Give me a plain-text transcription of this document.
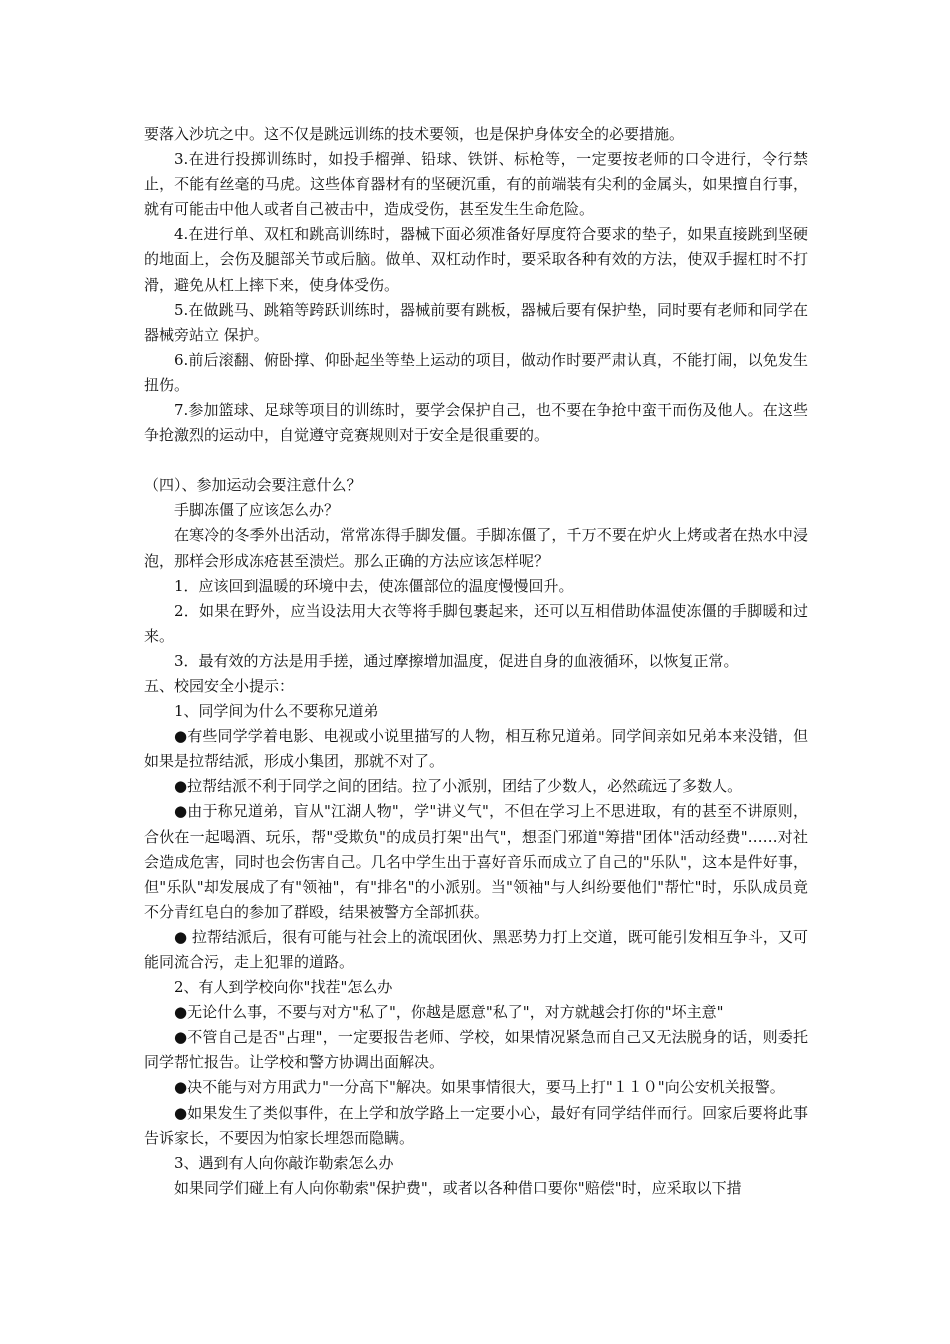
要落入沙坑之中。这不仅是跳远训练的技术要领，也是保护身体安全的必要措施。

3.在进行投掷训练时，如投手榴弹、铅球、铁饼、标枪等，一定要按老师的口令进行，令行禁止，不能有丝毫的马虎。这些体育器材有的坚硬沉重，有的前端装有尖利的金属头，如果擅自行事，就有可能击中他人或者自己被击中，造成受伤，甚至发生生命危险。

4.在进行单、双杠和跳高训练时，器械下面必须准备好厚度符合要求的垫子，如果直接跳到坚硬的地面上，会伤及腿部关节或后脑。做单、双杠动作时，要采取各种有效的方法，使双手握杠时不打滑，避免从杠上摔下来，使身体受伤。

5.在做跳马、跳箱等跨跃训练时，器械前要有跳板，器械后要有保护垫，同时要有老师和同学在器械旁站立 保护。

6.前后滚翻、俯卧撑、仰卧起坐等垫上运动的项目，做动作时要严肃认真，不能打闹，以免发生扭伤。

7.参加篮球、足球等项目的训练时，要学会保护自己，也不要在争抢中蛮干而伤及他人。在这些争抢激烈的运动中，自觉遵守竞赛规则对于安全是很重要的。

（四）、参加运动会要注意什么？

手脚冻僵了应该怎么办？

在寒冷的冬季外出活动，常常冻得手脚发僵。手脚冻僵了，千万不要在炉火上烤或者在热水中浸泡，那样会形成冻疮甚至溃烂。那么正确的方法应该怎样呢？

1．应该回到温暖的环境中去，使冻僵部位的温度慢慢回升。

2．如果在野外，应当设法用大衣等将手脚包裹起来，还可以互相借助体温使冻僵的手脚暖和过来。

3．最有效的方法是用手搓，通过摩擦增加温度，促进自身的血液循环，以恢复正常。

五、校园安全小提示：

1、同学间为什么不要称兄道弟

●有些同学学着电影、电视或小说里描写的人物，相互称兄道弟。同学间亲如兄弟本来没错，但如果是拉帮结派，形成小集团，那就不对了。

●拉帮结派不利于同学之间的团结。拉了小派别，团结了少数人，必然疏远了多数人。

●由于称兄道弟，盲从"江湖人物"，学"讲义气"，不但在学习上不思进取，有的甚至不讲原则，合伙在一起喝酒、玩乐，帮"受欺负"的成员打架"出气"，想歪门邪道"筹措"团体"活动经费"……对社会造成危害，同时也会伤害自己。几名中学生出于喜好音乐而成立了自己的"乐队"，这本是件好事，但"乐队"却发展成了有"领袖"，有"排名"的小派别。当"领袖"与人纠纷要他们"帮忙"时，乐队成员竟不分青红皂白的参加了群殴，结果被警方全部抓获。

● 拉帮结派后，很有可能与社会上的流氓团伙、黑恶势力打上交道，既可能引发相互争斗，又可能同流合污，走上犯罪的道路。

2、有人到学校向你"找茬"怎么办

●无论什么事，不要与对方"私了"，你越是愿意"私了"，对方就越会打你的"坏主意"

●不管自己是否"占理"，一定要报告老师、学校，如果情况紧急而自己又无法脱身的话，则委托同学帮忙报告。让学校和警方协调出面解决。

●决不能与对方用武力"一分高下"解决。如果事情很大，要马上打"１１０"向公安机关报警。

●如果发生了类似事件，在上学和放学路上一定要小心，最好有同学结伴而行。回家后要将此事告诉家长，不要因为怕家长埋怨而隐瞒。

3、遇到有人向你敲诈勒索怎么办

如果同学们碰上有人向你勒索"保护费"，或者以各种借口要你"赔偿"时，应采取以下措
